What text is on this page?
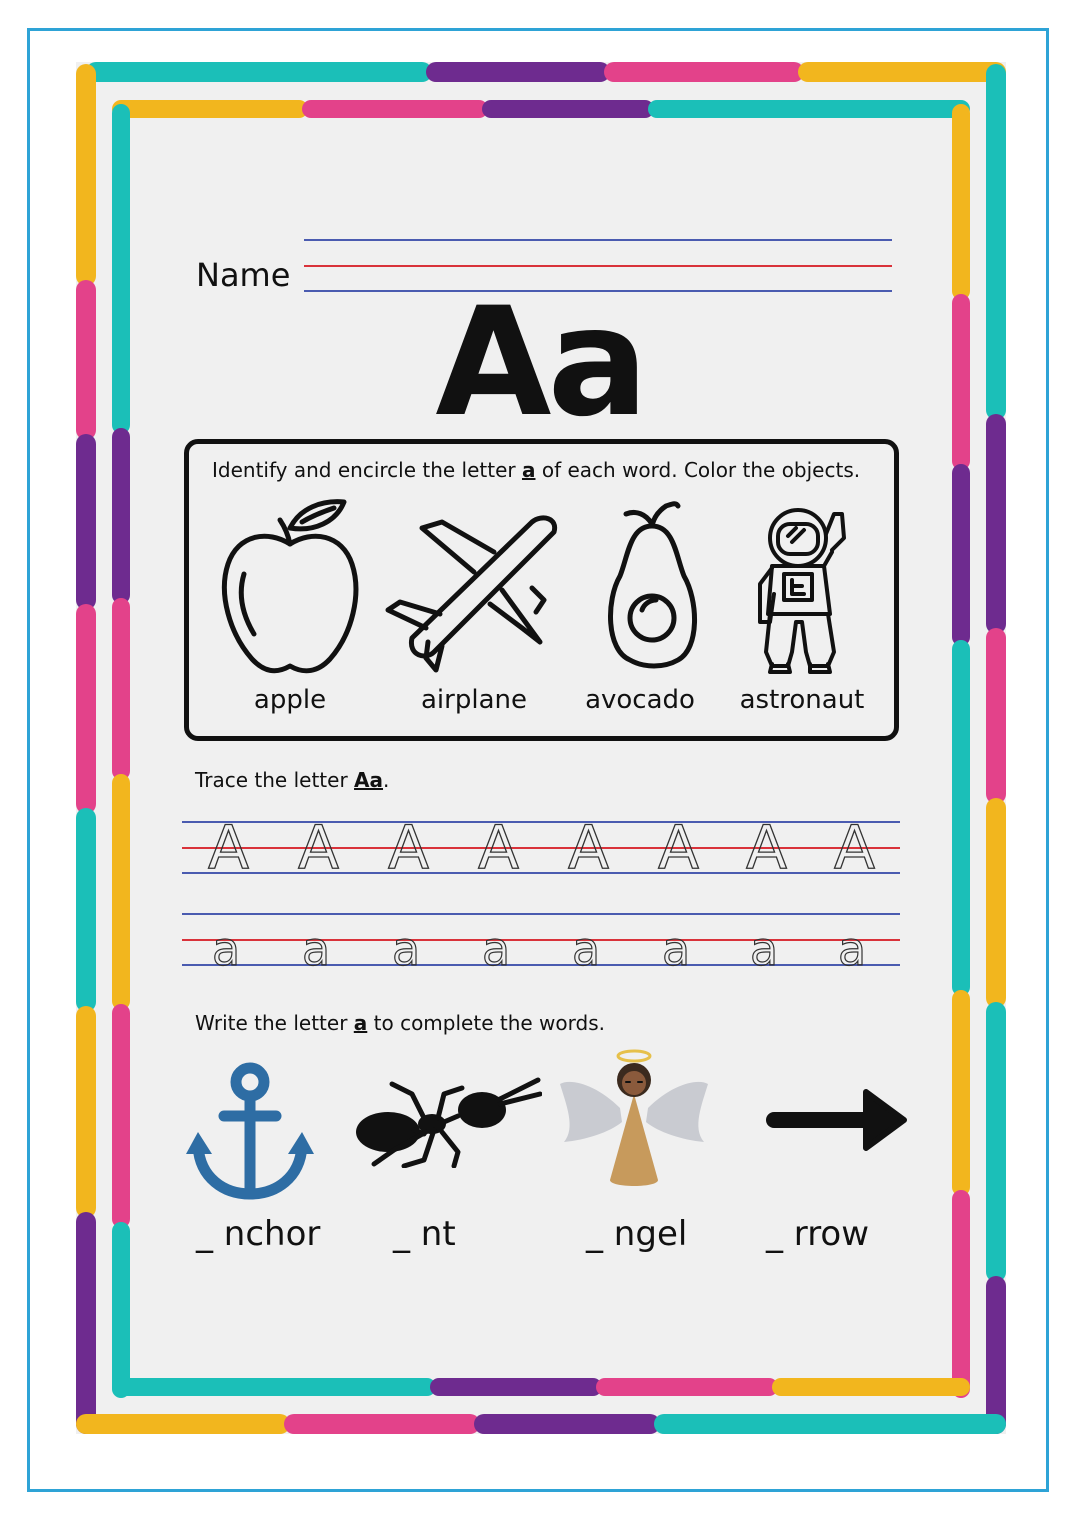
Name
Aa
Identify and encircle the letter a of each word. Color the objects.
apple	airplane	avocado	astronaut
Trace the letter Aa.
A A A A A A A A
a a a a a a a a
Write the letter a to complete the words.
_ nchor _ nt	_ ngel _ rrow
